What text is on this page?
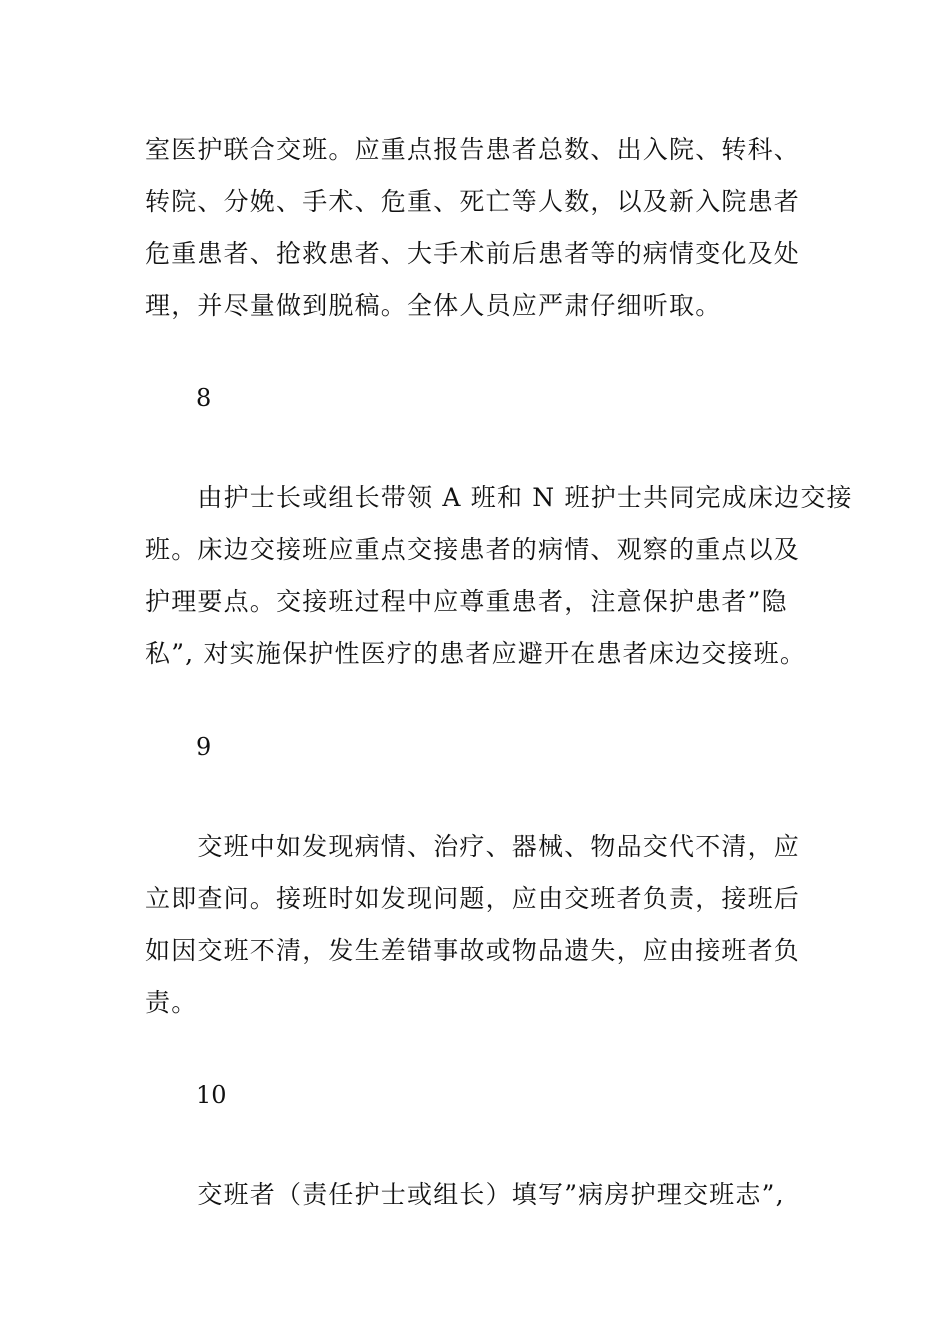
室医护联合交班。应重点报告患者总数、出入院、转科、
转院、分娩、手术、危重、死亡等人数，以及新入院患者
危重患者、抢救患者、大手术前后患者等的病情变化及处
理，并尽量做到脱稿。全体人员应严肃仔细听取。

8

　　由护士长或组长带领 A 班和 N 班护士共同完成床边交接
班。床边交接班应重点交接患者的病情、观察的重点以及
护理要点。交接班过程中应尊重患者，注意保护患者”隐
私”, 对实施保护性医疗的患者应避开在患者床边交接班。

9

　　交班中如发现病情、治疗、器械、物品交代不清，应
立即查问。接班时如发现问题，应由交班者负责，接班后
如因交班不清，发生差错事故或物品遗失，应由接班者负
责。

10

　　交班者（责任护士或组长）填写”病房护理交班志”,
